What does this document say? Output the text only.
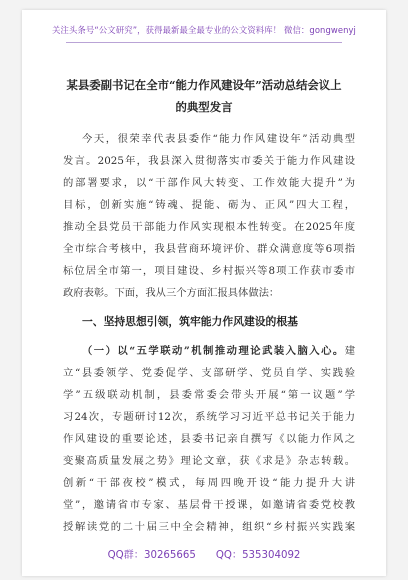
关注头条号“公文研究”，获得最新最全最专业的公文资料库！ 微信：gongwenyj
某县委副书记在全市“能力作风建设年”活动总结会议上
的典型发言
今天，很荣幸代表县委作“能力作风建设年”活动典型
发言。2025年，我县深入贯彻落实市委关于能力作风建设
的部署要求，以“干部作风大转变、工作效能大提升”为
目标，创新实施“铸魂、提能、砺为、正风”四大工程，
推动全县党员干部能力作风实现根本性转变。在2025年度
全市综合考核中，我县营商环境评价、群众满意度等6项指
标位居全市第一，项目建设、乡村振兴等8项工作获市委市
政府表彰。下面，我从三个方面汇报具体做法：
一、坚持思想引领，筑牢能力作风建设的根基
（一）以“五学联动”机制推动理论武装入脑入心。建
立“县委领学、党委促学、支部研学、党员自学、实践验
学”五级联动机制，县委常委会带头开展“第一议题”学
习24次，专题研讨12次，系统学习习近平总书记关于能力
作风建设的重要论述，县委书记亲自撰写《以能力作风之
变聚高质量发展之势》理论文章，获《求是》杂志转载。
创新“干部夜校”模式，每周四晚开设“能力提升大讲
堂”，邀请省市专家、基层骨干授课，如邀请省委党校教
授解读党的二十届三中全会精神，组织“乡村振兴实践案
QQ群：30265665 QQ：535304092
